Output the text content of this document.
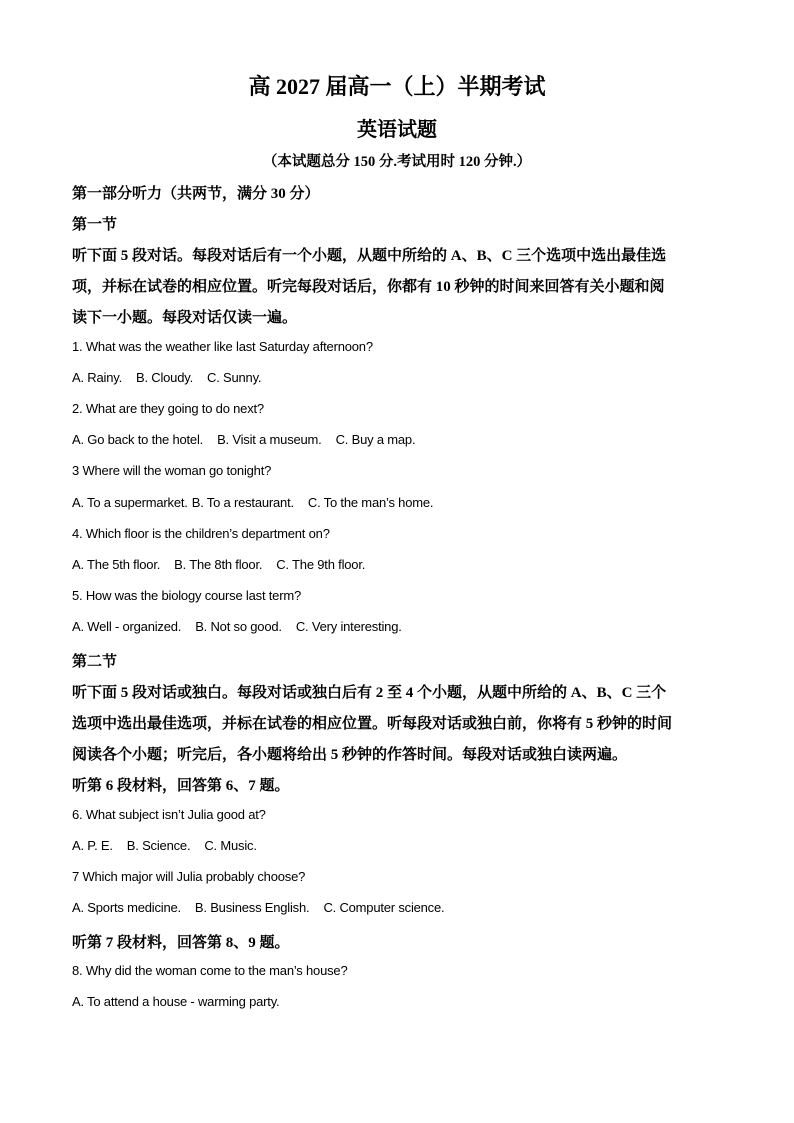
高 2027 届高一（上）半期考试
英语试题
（本试题总分 150 分.考试用时 120 分钟.）
第一部分听力（共两节，满分 30 分）
第一节
听下面 5 段对话。每段对话后有一个小题，从题中所给的 A、B、C 三个选项中选出最佳选
项，并标在试卷的相应位置。听完每段对话后，你都有 10 秒钟的时间来回答有关小题和阅
读下一小题。每段对话仅读一遍。
1. What was the weather like last Saturday afternoon?
A. Rainy. B. Cloudy. C. Sunny.
2. What are they going to do next?
A. Go back to the hotel. B. Visit a museum. C. Buy a map.
3 Where will the woman go tonight?
A. To a supermarket. B. To a restaurant. C. To the man’s home.
4. Which floor is the children’s department on?
A. The 5th floor. B. The 8th floor. C. The 9th floor.
5. How was the biology course last term?
A. Well - organized. B. Not so good. C. Very interesting.
第二节
听下面 5 段对话或独白。每段对话或独白后有 2 至 4 个小题，从题中所给的 A、B、C 三个
选项中选出最佳选项，并标在试卷的相应位置。听每段对话或独白前，你将有 5 秒钟的时间
阅读各个小题；听完后，各小题将给出 5 秒钟的作答时间。每段对话或独白读两遍。
听第 6 段材料，回答第 6、7 题。
6. What subject isn’t Julia good at?
A. P. E. B. Science. C. Music.
7 Which major will Julia probably choose?
A. Sports medicine. B. Business English. C. Computer science.
听第 7 段材料，回答第 8、9 题。
8. Why did the woman come to the man’s house?
A. To attend a house - warming party.
